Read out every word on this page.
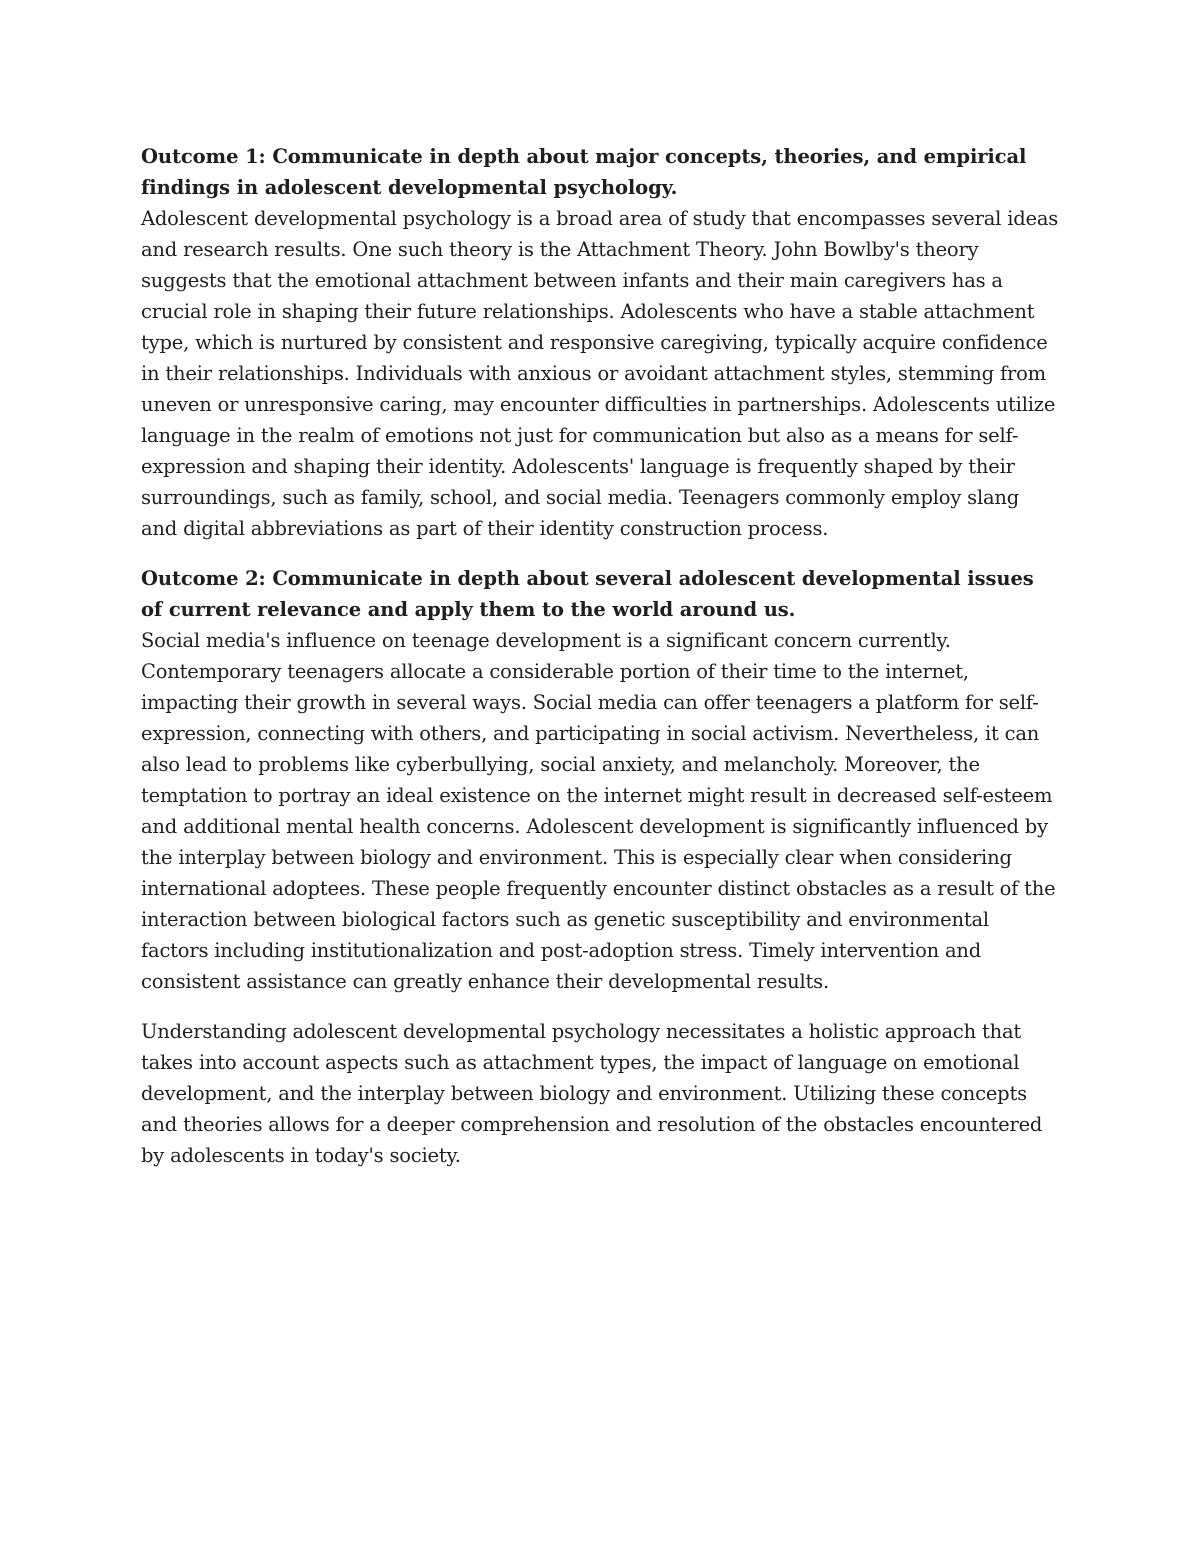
Outcome 1: Communicate in depth about major concepts, theories, and empirical findings in adolescent developmental psychology.

Adolescent developmental psychology is a broad area of study that encompasses several ideas and research results. One such theory is the Attachment Theory. John Bowlby's theory suggests that the emotional attachment between infants and their main caregivers has a crucial role in shaping their future relationships. Adolescents who have a stable attachment type, which is nurtured by consistent and responsive caregiving, typically acquire confidence in their relationships. Individuals with anxious or avoidant attachment styles, stemming from uneven or unresponsive caring, may encounter difficulties in partnerships. Adolescents utilize language in the realm of emotions not just for communication but also as a means for self-expression and shaping their identity. Adolescents' language is frequently shaped by their surroundings, such as family, school, and social media. Teenagers commonly employ slang and digital abbreviations as part of their identity construction process.

Outcome 2: Communicate in depth about several adolescent developmental issues of current relevance and apply them to the world around us.

Social media's influence on teenage development is a significant concern currently. Contemporary teenagers allocate a considerable portion of their time to the internet, impacting their growth in several ways. Social media can offer teenagers a platform for self-expression, connecting with others, and participating in social activism. Nevertheless, it can also lead to problems like cyberbullying, social anxiety, and melancholy. Moreover, the temptation to portray an ideal existence on the internet might result in decreased self-esteem and additional mental health concerns. Adolescent development is significantly influenced by the interplay between biology and environment. This is especially clear when considering international adoptees. These people frequently encounter distinct obstacles as a result of the interaction between biological factors such as genetic susceptibility and environmental factors including institutionalization and post-adoption stress. Timely intervention and consistent assistance can greatly enhance their developmental results.

Understanding adolescent developmental psychology necessitates a holistic approach that takes into account aspects such as attachment types, the impact of language on emotional development, and the interplay between biology and environment. Utilizing these concepts and theories allows for a deeper comprehension and resolution of the obstacles encountered by adolescents in today's society.
